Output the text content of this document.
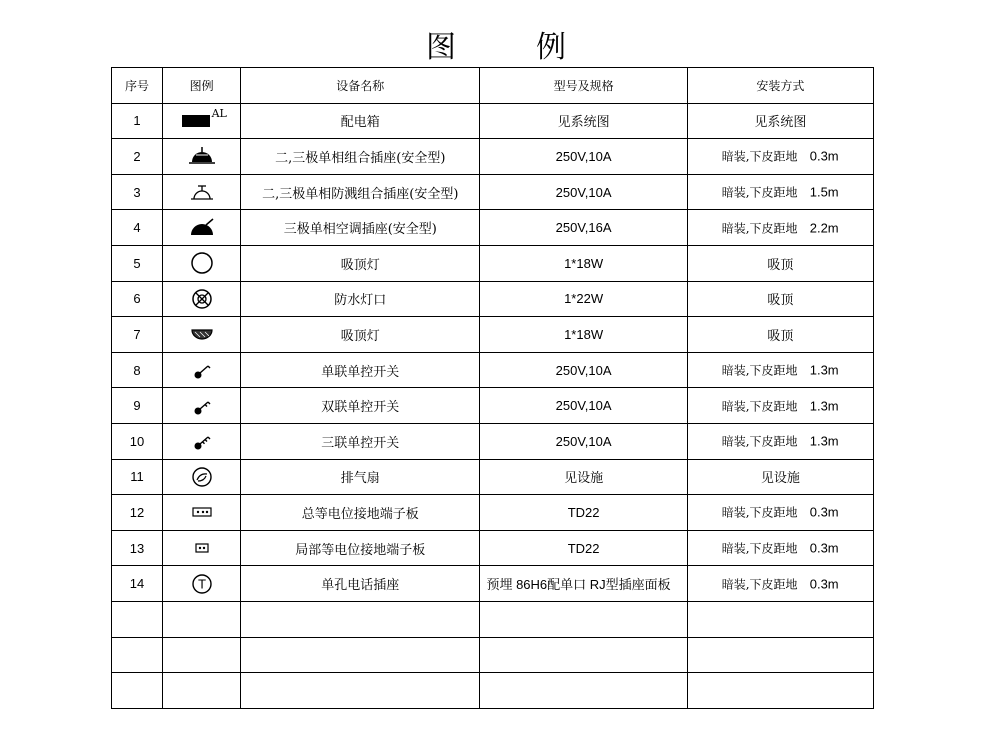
图	例
序号	图例	设备名称	型号及规格	安装方式
1	AL	配电箱	见系统图	见系统图
2		二,三极单相组合插座(安全型)	250V,10A	暗装,下皮距地 0.3m

3		二,三极单相防溅组合插座(安全型)	250V,10A	暗装,下皮距地 1.5m

4		三极单相空调插座(安全型)	250V,16A	暗装,下皮距地 2.2m

5		吸顶灯	1*18W	吸顶
6		防水灯口	1*22W	吸顶
7		吸顶灯	1*18W	吸顶
8		单联单控开关	250V,10A	暗装,下皮距地 1.3m

9		双联单控开关	250V,10A	暗装,下皮距地 1.3m

10		三联单控开关	250V,10A	暗装,下皮距地 1.3m

11		排气扇	见设施	见设施
12		总等电位接地端子板	TD22	暗装,下皮距地 0.3m

13		局部等电位接地端子板	TD22	暗装,下皮距地 0.3m

14	T	单孔电话插座	预埋 86H6配单口 RJ型插座面板	暗装,下皮距地 0.3m
